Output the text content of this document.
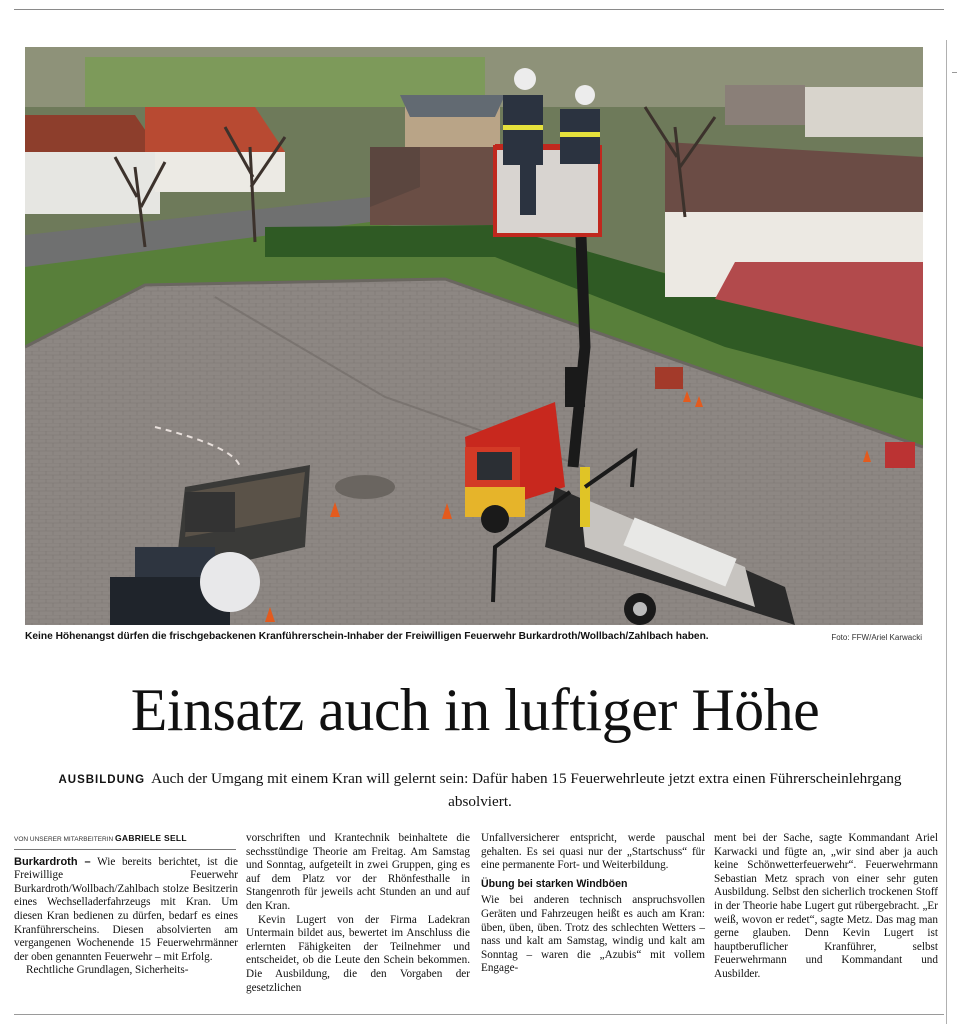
Keine Höhenangst dürfen die frischgebackenen Kranführerschein-Inhaber der Freiwilligen Feuerwehr Burkardroth/Wollbach/Zahlbach haben.	Foto: FFW/Ariel Karwacki
Einsatz auch in luftiger Höhe
AUSBILDUNG Auch der Umgang mit einem Kran will gelernt sein: Dafür haben 15 Feuerwehrleute jetzt extra einen Führerscheinlehrgang absolviert.
VON UNSERER MITARBEITERIN GABRIELE SELL

Burkardroth – Wie bereits berichtet, ist die Freiwillige Feuerwehr Burkardroth/Wollbach/Zahlbach stolze Besitzerin eines Wechselladerfahrzeugs mit Kran. Um diesen Kran bedienen zu dürfen, bedarf es eines Kranführerscheins. Diesen absolvierten am vergangenen Wochenende 15 Feuerwehrmänner der oben genannten Feuerwehr – mit Erfolg.

Rechtliche Grundlagen, Sicherheits-

vorschriften und Krantechnik beinhaltete die sechsstündige Theorie am Freitag. Am Samstag und Sonntag, aufgeteilt in zwei Gruppen, ging es auf dem Platz vor der Rhönfesthalle in Stangenroth für jeweils acht Stunden an und auf den Kran.

Kevin Lugert von der Firma Ladekran Untermain bildet aus, bewertet im Anschluss die erlernten Fähigkeiten der Teilnehmer und entscheidet, ob die Leute den Schein bekommen. Die Ausbildung, die den Vorgaben der gesetzlichen

Unfallversicherer entspricht, werde pauschal gehalten. Es sei quasi nur der „Startschuss“ für eine permanente Fort- und Weiterbildung.

Übung bei starken Windböen

Wie bei anderen technisch anspruchsvollen Geräten und Fahrzeugen heißt es auch am Kran: üben, üben, üben. Trotz des schlechten Wetters – nass und kalt am Samstag, windig und kalt am Sonntag – waren die „Azubis“ mit vollem Engage-

ment bei der Sache, sagte Kommandant Ariel Karwacki und fügte an, „wir sind aber ja auch keine Schönwetterfeuerwehr“. Feuerwehrmann Sebastian Metz sprach von einer sehr guten Ausbildung. Selbst den sicherlich trockenen Stoff in der Theorie habe Lugert gut rübergebracht. „Er weiß, wovon er redet“, sagte Metz. Das mag man gerne glauben. Denn Kevin Lugert ist hauptberuflicher Kranführer, selbst Feuerwehrmann und Kommandant und Ausbilder.
